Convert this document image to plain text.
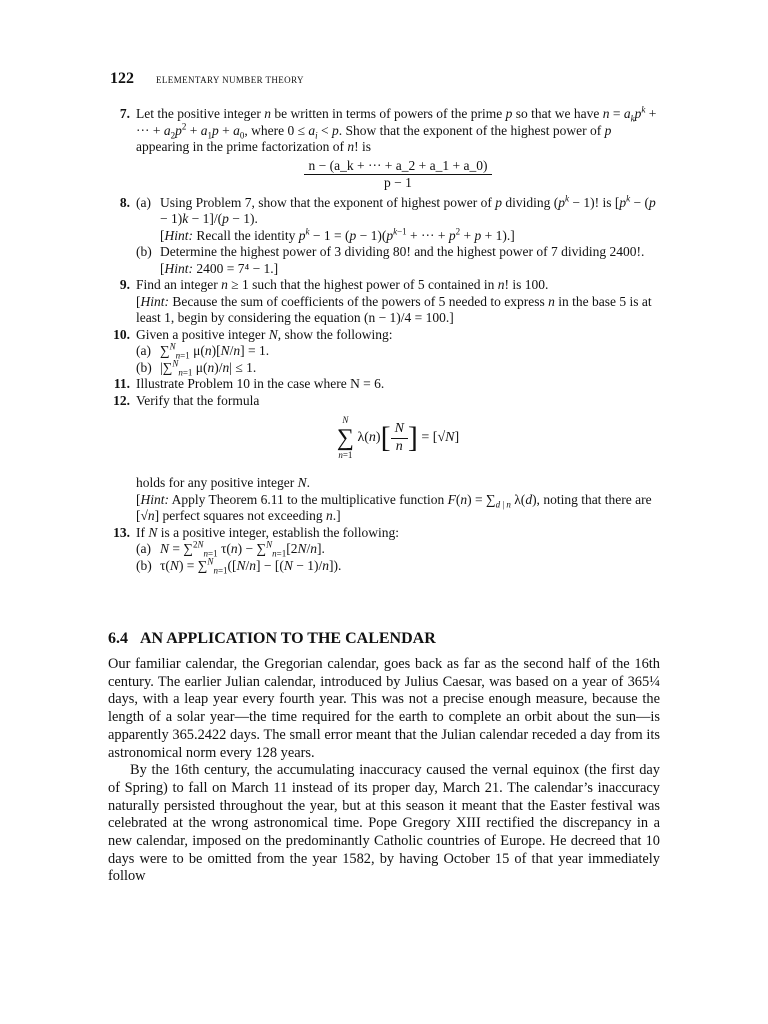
122 ELEMENTARY NUMBER THEORY
7. Let the positive integer n be written in terms of powers of the prime p so that we have $n = a_kp^k$ + ··· + $a_2p^2 + a_1p + a_0$, where $0 \le a_i < p$. Show that the exponent of the highest power of p appearing in the prime factorization of n! is
$\frac{n - (a\_k + \cdot\cdot\cdot + a\_2 + a\_1 + a\_0)}{p - 1}$
8. (a) Using Problem 7, show that the exponent of highest power of p dividing $(p^k - 1)$! is $[p^k - (p - 1)k - 1]/(p - 1)$.
[Hint: Recall the identity $p^k - 1 = (p - 1)(p^{k-1}$ + ··· + $p^2 + p + 1$).]
(b) Determine the highest power of 3 dividing 80! and the highest power of 7 dividing 2400!.
[Hint: 2400 = 7⁴ − 1.]
9. Find an integer n ≥ 1 such that the highest power of 5 contained in n! is 100.
[Hint: Because the sum of coefficients of the powers of 5 needed to express n in the base 5 is at least 1, begin by considering the equation (n − 1)/4 = 100.]
10. Given a positive integer N, show the following:
(a) ∑$^N_{n=1}$ μ(n)[N/n] = 1.
(b) |∑$^N_{n=1}$ μ(n)/n| ≤ 1.
11. Illustrate Problem 10 in the case where N = 6.
12. Verify that the formula
N
∑
n=1
$\lambda(n)[ \frac{N}{n}$ ] = [√N]
holds for any positive integer N.
[Hint: Apply Theorem 6.11 to the multiplicative function $F(n) = \sum_{d | n}$ λ(d), noting that there are [√n] perfect squares not exceeding n.]
13. If N is a positive integer, establish the following:
(a) N = ∑$^{2N}_{n=1}$ τ(n) − ∑$^N_{n=1}$[2N/n].
(b) τ(N) = ∑$^N_{n=1}$([N/n] − [(N − 1)/n]).
6.4 AN APPLICATION TO THE CALENDAR

Our familiar calendar, the Gregorian calendar, goes back as far as the second half of the 16th century. The earlier Julian calendar, introduced by Julius Caesar, was based on a year of 365¼ days, with a leap year every fourth year. This was not a precise enough measure, because the length of a solar year—the time required for the earth to complete an orbit about the sun—is apparently 365.2422 days. The small error meant that the Julian calendar receded a day from its astronomical norm every 128 years.

By the 16th century, the accumulating inaccuracy caused the vernal equinox (the first day of Spring) to fall on March 11 instead of its proper day, March 21. The calendar’s inaccuracy naturally persisted throughout the year, but at this season it meant that the Easter festival was celebrated at the wrong astronomical time. Pope Gregory XIII rectified the discrepancy in a new calendar, imposed on the predominantly Catholic countries of Europe. He decreed that 10 days were to be omitted from the year 1582, by having October 15 of that year immediately follow
